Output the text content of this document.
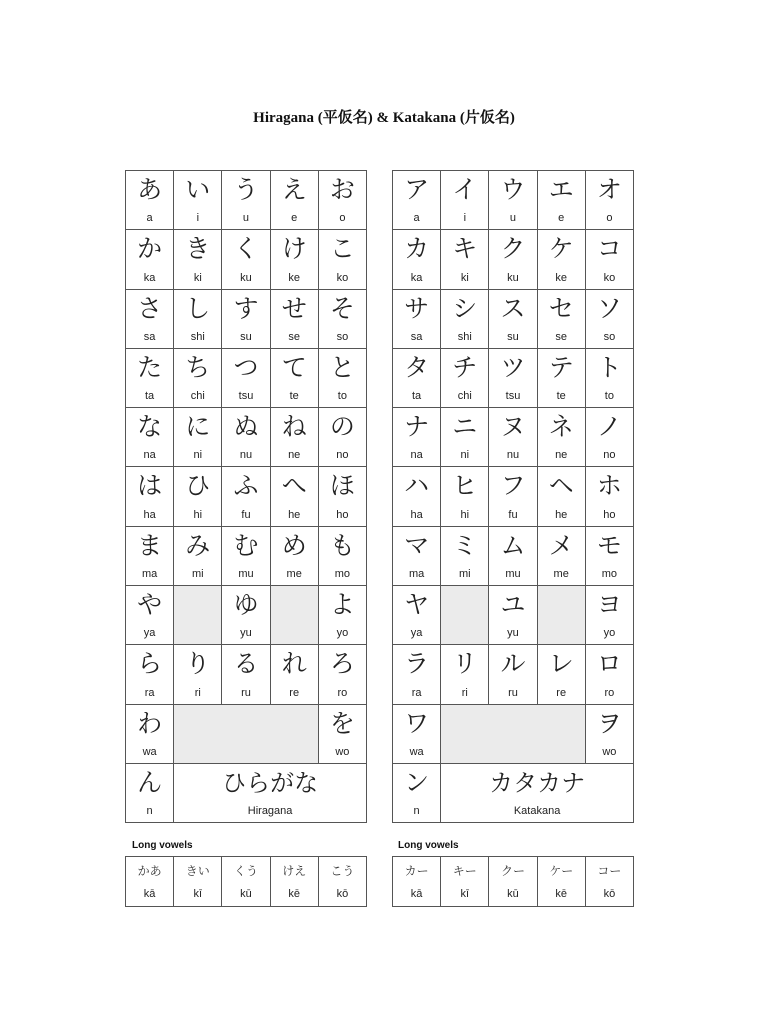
Hiragana (平仮名) & Katakana (片仮名)
あ
a
い
i
う
u
え
e
お
o
か
ka
き
ki
く
ku
け
ke
こ
ko
さ
sa
し
shi
す
su
せ
se
そ
so
た
ta
ち
chi
つ
tsu
て
te
と
to
な
na
に
ni
ぬ
nu
ね
ne
の
no
は
ha
ひ
hi
ふ
fu
へ
he
ほ
ho
ま
ma
み
mi
む
mu
め
me
も
mo
や
ya
ゆ
yu
よ
yo
ら
ra
り
ri
る
ru
れ
re
ろ
ro
わ
wa
を
wo
ん
n
ひらがな
Hiragana
ア
a
イ
i
ウ
u
エ
e
オ
o
カ
ka
キ
ki
ク
ku
ケ
ke
コ
ko
サ
sa
シ
shi
ス
su
セ
se
ソ
so
タ
ta
チ
chi
ツ
tsu
テ
te
ト
to
ナ
na
ニ
ni
ヌ
nu
ネ
ne
ノ
no
ハ
ha
ヒ
hi
フ
fu
ヘ
he
ホ
ho
マ
ma
ミ
mi
ム
mu
メ
me
モ
mo
ヤ
ya
ユ
yu
ヨ
yo
ラ
ra
リ
ri
ル
ru
レ
re
ロ
ro
ワ
wa
ヲ
wo
ン
n
カタカナ
Katakana
Long vowels	Long vowels
かあ
kā
きい
kī
くう
kū
けえ
kē
こう
kō
カー
kā
キー
kī
クー
kū
ケー
kē
コー
kō
